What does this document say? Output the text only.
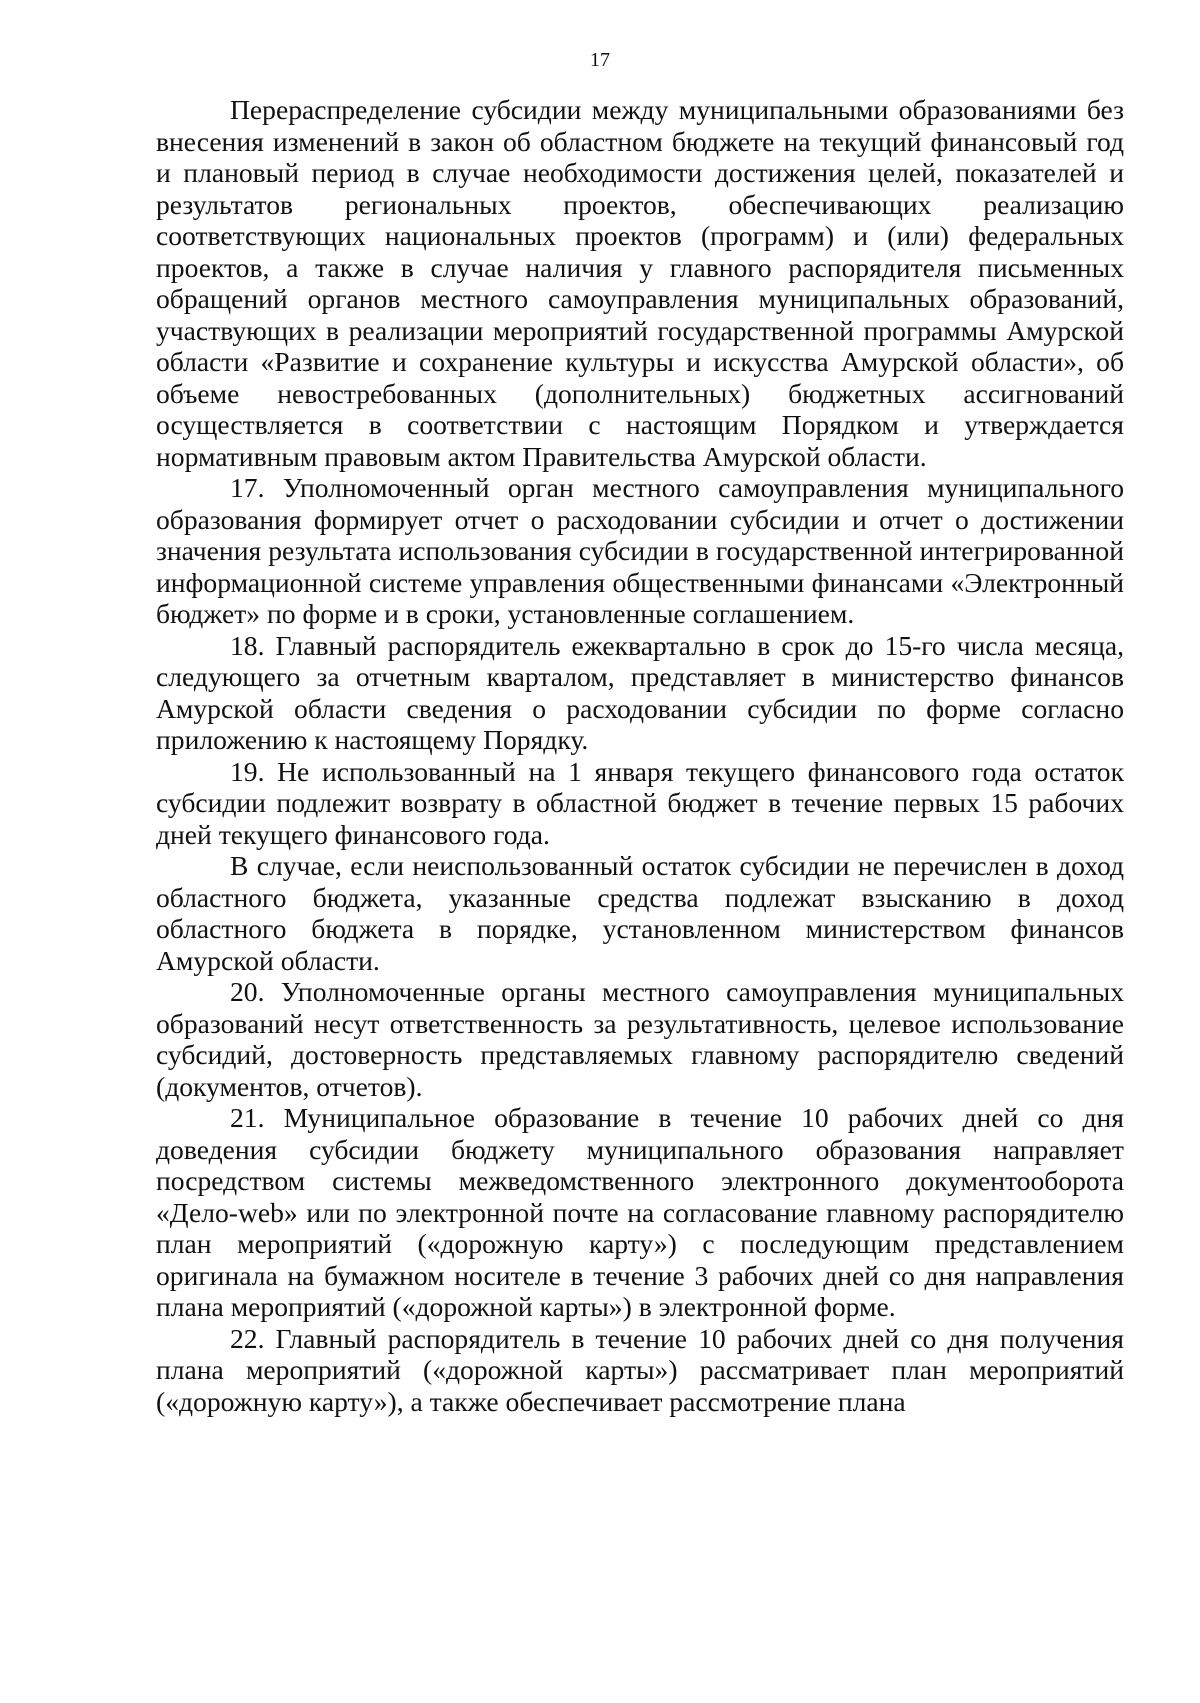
17

Перераспределение субсидии между муниципальными образованиями без внесения изменений в закон об областном бюджете на текущий финансовый год и плановый период в случае необходимости достижения целей, показателей и результатов региональных проектов, обеспечивающих реализацию соответствующих национальных проектов (программ) и (или) федеральных проектов, а также в случае наличия у главного распорядителя письменных обращений органов местного самоуправления муниципальных образований, участвующих в реализации мероприятий государственной программы Амурской области «Развитие и сохранение культуры и искусства Амурской области», об объеме невостребованных (дополнительных) бюджетных ассигнований осуществляется в соответствии с настоящим Порядком и утверждается нормативным правовым актом Правительства Амурской области.

17. Уполномоченный орган местного самоуправления муниципального образования формирует отчет о расходовании субсидии и отчет о достижении значения результата использования субсидии в государственной интегрированной информационной системе управления общественными финансами «Электронный бюджет» по форме и в сроки, установленные соглашением.

18. Главный распорядитель ежеквартально в срок до 15-го числа месяца, следующего за отчетным кварталом, представляет в министерство финансов Амурской области сведения о расходовании субсидии по форме согласно приложению к настоящему Порядку.

19. Не использованный на 1 января текущего финансового года остаток субсидии подлежит возврату в областной бюджет в течение первых 15 рабочих дней текущего финансового года.

В случае, если неиспользованный остаток субсидии не перечислен в доход областного бюджета, указанные средства подлежат взысканию в доход областного бюджета в порядке, установленном министерством финансов Амурской области.

20. Уполномоченные органы местного самоуправления муниципальных образований несут ответственность за результативность, целевое использование субсидий, достоверность представляемых главному распорядителю сведений (документов, отчетов).

21. Муниципальное образование в течение 10 рабочих дней со дня доведения субсидии бюджету муниципального образования направляет посредством системы межведомственного электронного документооборота «Дело-web» или по электронной почте на согласование главному распорядителю план мероприятий («дорожную карту») с последующим представлением оригинала на бумажном носителе в течение 3 рабочих дней со дня направления плана мероприятий («дорожной карты») в электронной форме.

22. Главный распорядитель в течение 10 рабочих дней со дня получения плана мероприятий («дорожной карты») рассматривает план мероприятий («дорожную карту»), а также обеспечивает рассмотрение плана
